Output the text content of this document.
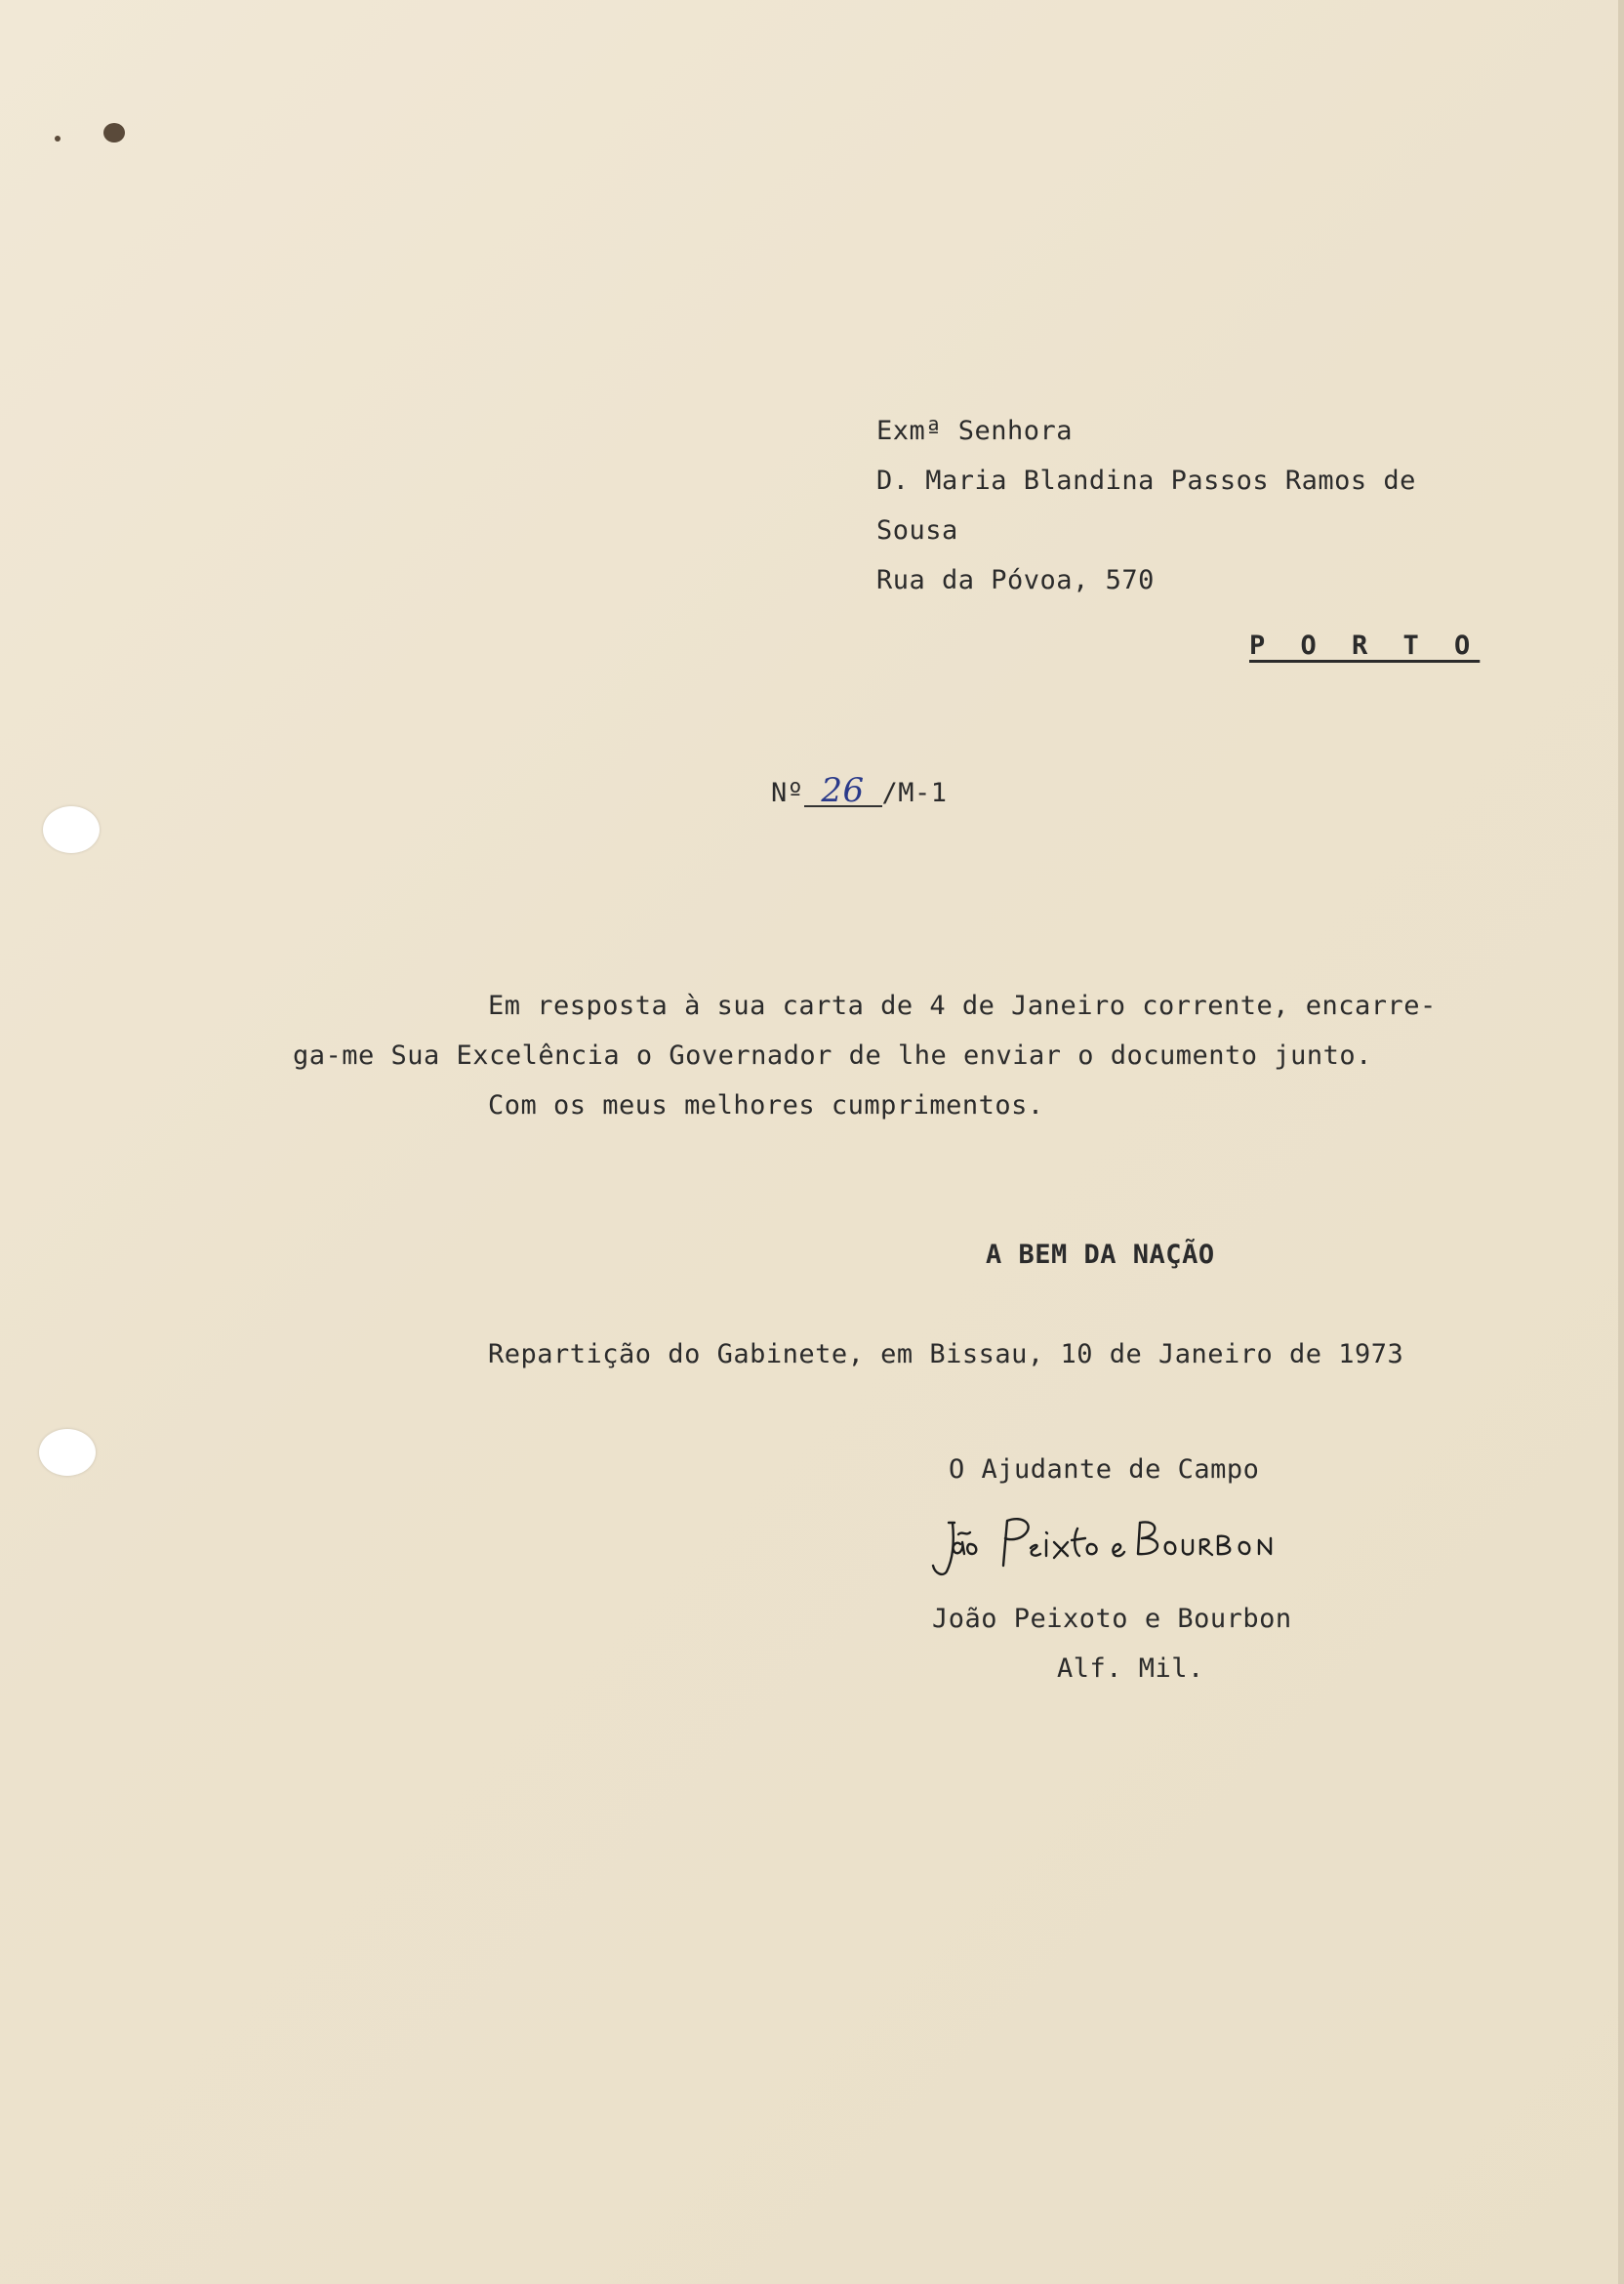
Exmª Senhora
D. Maria Blandina Passos Ramos de
Sousa
Rua da Póvoa, 570
P O R T O
Nº 26 /M-1
Em resposta à sua carta de 4 de Janeiro corrente, encarre-
ga-me Sua Excelência o Governador de lhe enviar o documento junto.
Com os meus melhores cumprimentos.
A BEM DA NAÇÃO
Repartição do Gabinete, em Bissau, 10 de Janeiro de 1973
O Ajudante de Campo
João Peixoto e Bourbon
Alf. Mil.
